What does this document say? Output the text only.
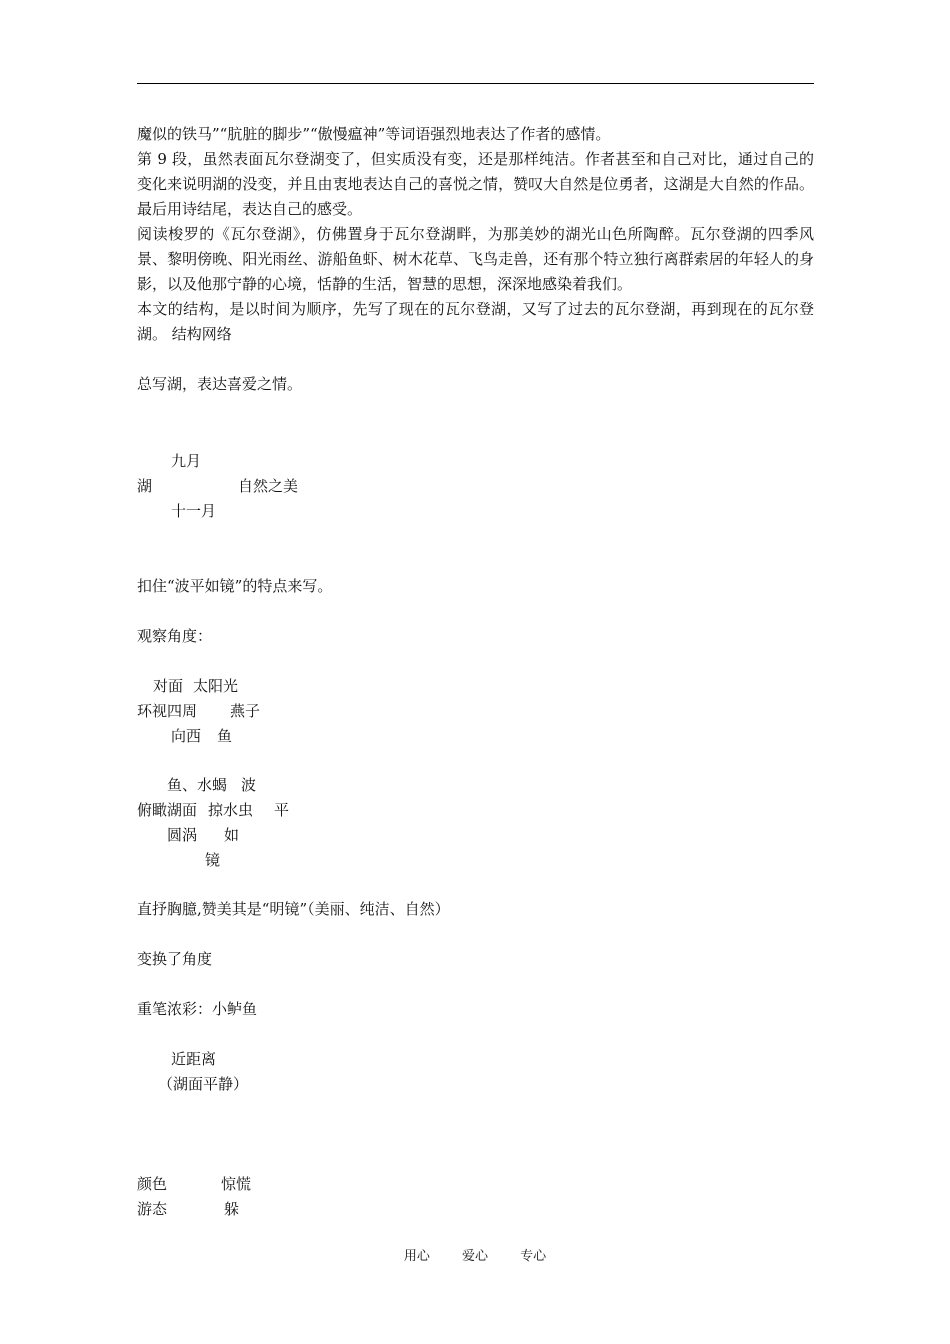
魔似的铁马”“肮脏的脚步”“傲慢瘟神”等词语强烈地表达了作者的感情。

第 9 段，虽然表面瓦尔登湖变了，但实质没有变，还是那样纯洁。作者甚至和自己对比，通过自己的变化来说明湖的没变，并且由衷地表达自己的喜悦之情，赞叹大自然是位勇者，这湖是大自然的作品。最后用诗结尾，表达自己的感受。

阅读梭罗的《瓦尔登湖》，仿佛置身于瓦尔登湖畔，为那美妙的湖光山色所陶醉。瓦尔登湖的四季风景、黎明傍晚、阳光雨丝、游船鱼虾、树木花草、飞鸟走兽，还有那个特立独行离群索居的年轻人的身影，以及他那宁静的心境，恬静的生活，智慧的思想，深深地感染着我们。

本文的结构，是以时间为顺序，先写了现在的瓦尔登湖，又写了过去的瓦尔登湖，再到现在的瓦尔登湖。 结构网络

总写湖，表达喜爱之情。
九月
湖	自然之美
十一月
扣住“波平如镜”的特点来写。
观察角度：
对面 太阳光
环视四周 燕子
向西 鱼
鱼、水蝎 波
俯瞰湖面 掠水虫 平
圆涡 如
镜
直抒胸臆,赞美其是“明镜”（美丽、纯洁、自然）
变换了角度
重笔浓彩：小鲈鱼
近距离
（湖面平静）
颜色	惊慌
游态	躲
用心 爱心 专心
